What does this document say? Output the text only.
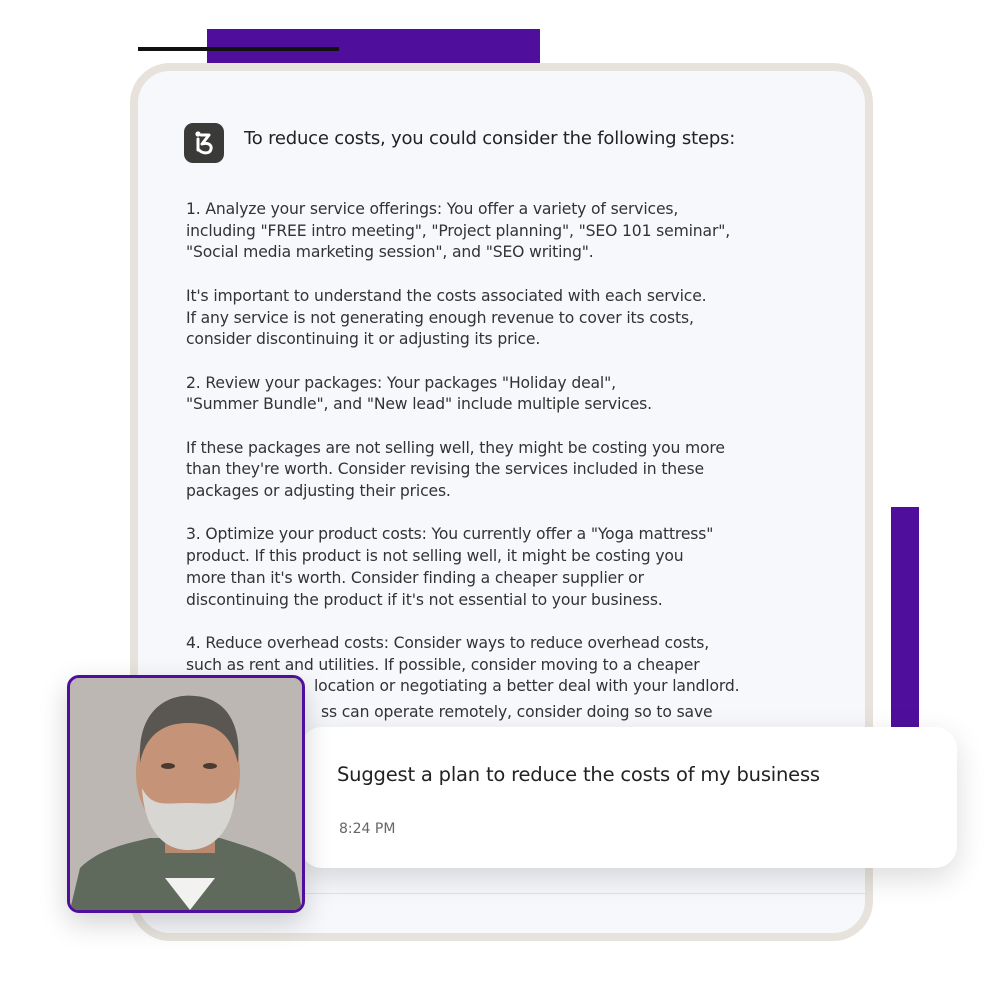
To reduce costs, you could consider the following steps:
1. Analyze your service offerings: You offer a variety of services,
including "FREE intro meeting", "Project planning", "SEO 101 seminar",
"Social media marketing session", and "SEO writing".
It's important to understand the costs associated with each service.
If any service is not generating enough revenue to cover its costs,
consider discontinuing it or adjusting its price.
2. Review your packages: Your packages "Holiday deal",
"Summer Bundle", and "New lead" include multiple services.
If these packages are not selling well, they might be costing you more
than they're worth. Consider revising the services included in these
packages or adjusting their prices.
3. Optimize your product costs: You currently offer a "Yoga mattress"
product. If this product is not selling well, it might be costing you
more than it's worth. Consider finding a cheaper supplier or
discontinuing the product if it's not essential to your business.
4. Reduce overhead costs: Consider ways to reduce overhead costs,
such as rent and utilities. If possible, consider moving to a cheaper
location or negotiating a better deal with your landlord.
ss can operate remotely, consider doing so to save
Suggest a plan to reduce the costs of my business
8:24 PM
